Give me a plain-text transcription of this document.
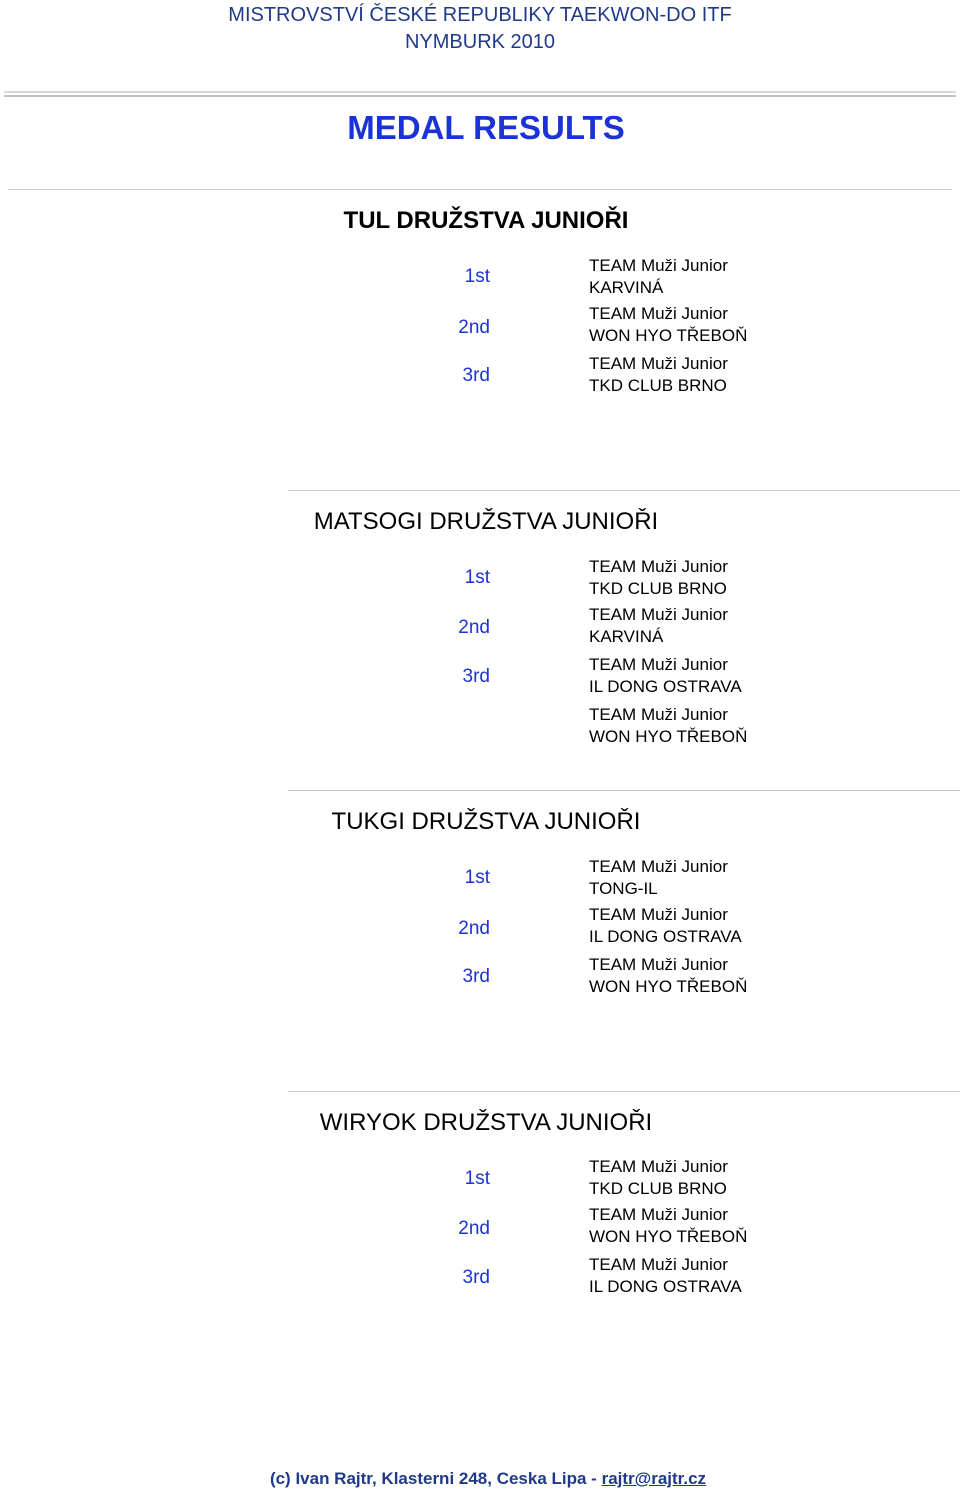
MISTROVSTVÍ ČESKÉ REPUBLIKY TAEKWON-DO ITF
NYMBURK 2010
MEDAL RESULTS
TUL DRUŽSTVA JUNIOŘI
1st
2nd
3rd
TEAM Muži Junior
KARVINÁ
TEAM Muži Junior
WON HYO TŘEBOŇ
TEAM Muži Junior
TKD CLUB BRNO
MATSOGI DRUŽSTVA JUNIOŘI
1st
2nd
3rd
TEAM Muži Junior
TKD CLUB BRNO
TEAM Muži Junior
KARVINÁ
TEAM Muži Junior
IL DONG OSTRAVA
TEAM Muži Junior
WON HYO TŘEBOŇ
TUKGI DRUŽSTVA JUNIOŘI
1st
2nd
3rd
TEAM Muži Junior
TONG-IL
TEAM Muži Junior
IL DONG OSTRAVA
TEAM Muži Junior
WON HYO TŘEBOŇ
WIRYOK DRUŽSTVA JUNIOŘI
1st
2nd
3rd
TEAM Muži Junior
TKD CLUB BRNO
TEAM Muži Junior
WON HYO TŘEBOŇ
TEAM Muži Junior
IL DONG OSTRAVA
(c) Ivan Rajtr, Klasterni 248, Ceska Lipa - rajtr@rajtr.cz
